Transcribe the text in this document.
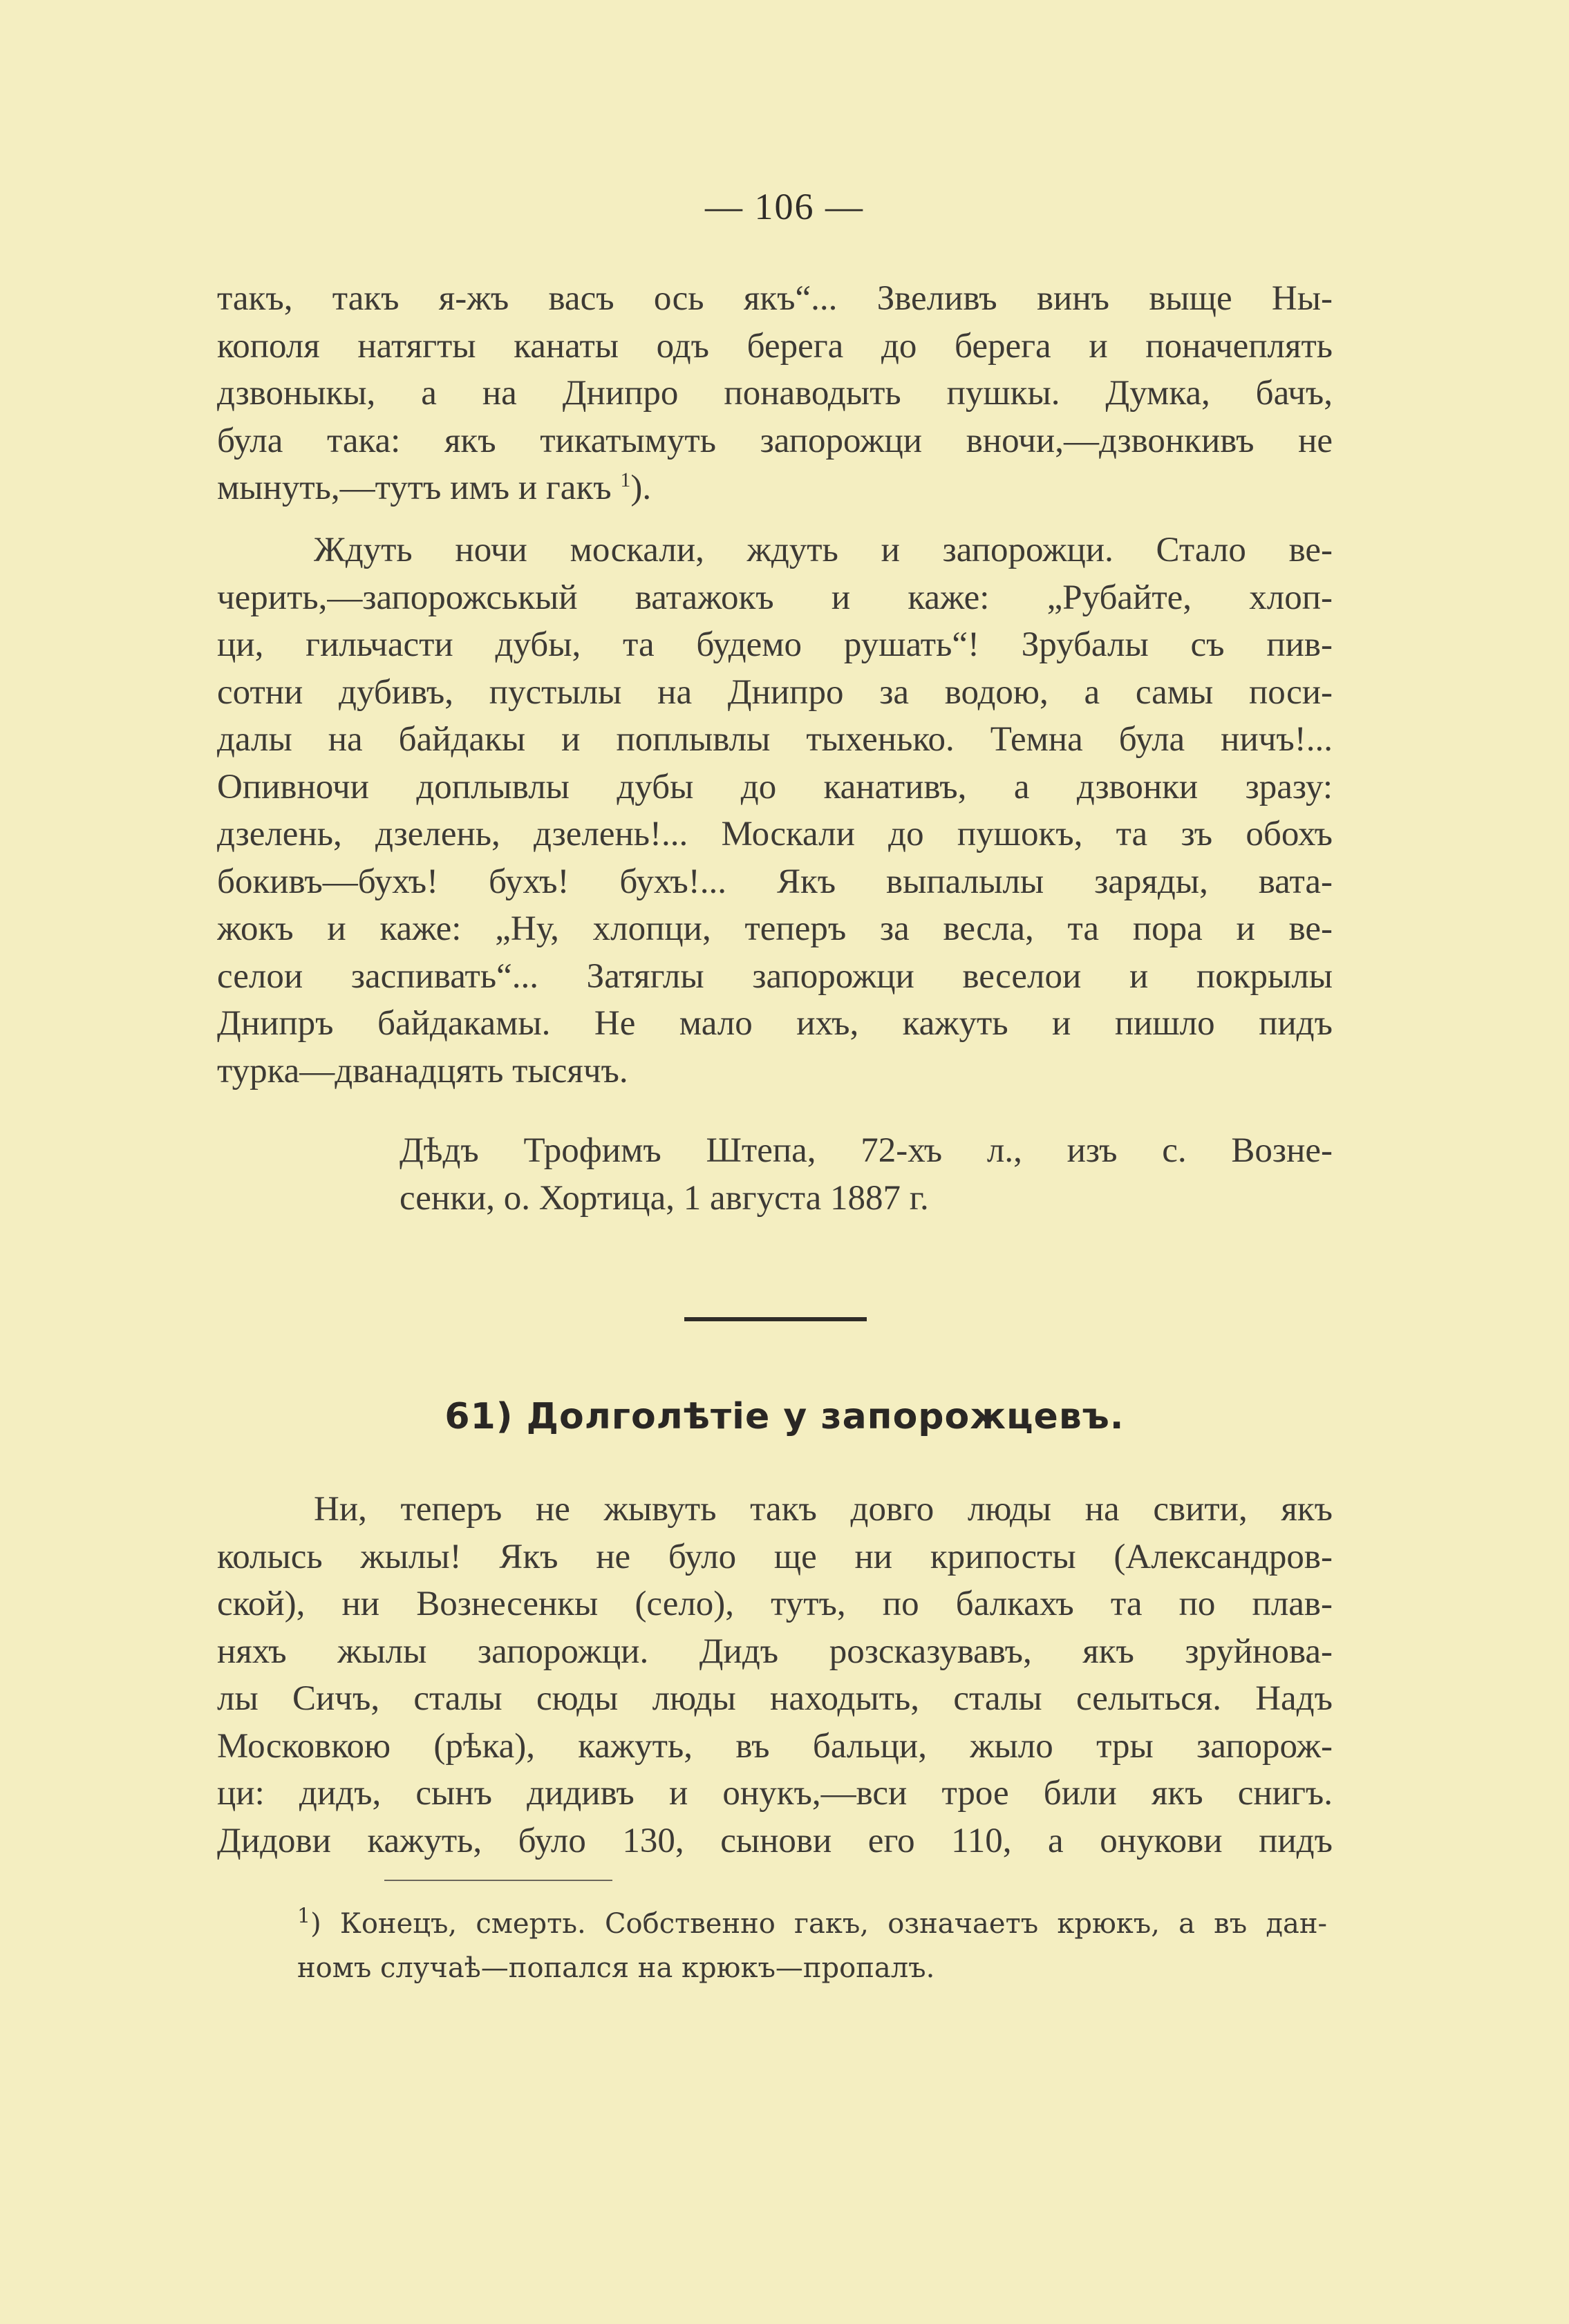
— 106 —
такъ, такъ я-жъ васъ ось якъ“... Звеливъ винъ выще Ны-
кополя натягты канаты одъ берега до берега и поначеплять
дзвоныкы, а на Днипро понаводыть пушкы. Думка, бачъ,
була така: якъ тикатымуть запорожци вночи,—дзвонкивъ не
мынуть,—тутъ имъ и гакъ $^1$).
Ждуть ночи москали, ждуть и запорожци. Стало ве-
черить,—запорожськый ватажокъ и каже: „Рубайте, хлоп-
ци, гильчасти дубы, та будемо рушать“! Зрубалы съ пив-
сотни дубивъ, пустылы на Днипро за водою, а самы поси-
далы на байдакы и поплывлы тыхенько. Темна була ничъ!...
Опивночи доплывлы дубы до канативъ, а дзвонки зразу:
дзелень, дзелень, дзелень!... Москали до пушокъ, та зъ обохъ
бокивъ—бухъ! бухъ! бухъ!... Якъ выпалылы заряды, вата-
жокъ и каже: „Ну, хлопци, теперъ за весла, та пора и ве-
селои заспивать“... Затяглы запорожци веселои и покрылы
Днипръ байдакамы. Не мало ихъ, кажуть и пишло пидъ
турка—дванадцять тысячъ.
Дѣдъ Трофимъ Штепа, 72-хъ л., изъ с. Возне-
сенки, о. Хортица, 1 августа 1887 г.
61) Долголѣтіе у запорожцевъ.
Ни, теперъ не жывуть такъ довго люды на свити, якъ
колысь жылы! Якъ не було ще ни крипосты (Александров-
ской), ни Вознесенкы (село), тутъ, по балкахъ та по плав-
няхъ жылы запорожци. Дидъ розсказувавъ, якъ зруйнова-
лы Сичъ, сталы сюды люды находыть, сталы селыться. Надъ
Московкою (рѣка), кажуть, въ бальци, жыло тры запорож-
ци: дидъ, сынъ дидивъ и онукъ,—вси трое били якъ снигъ.
Дидови кажуть, було 130, сынови его 110, а онукови пидъ
$^1$) Конецъ, смерть. Собственно гакъ, означаетъ крюкъ, а въ дан-
номъ случаѣ—попался на крюкъ—пропалъ.
